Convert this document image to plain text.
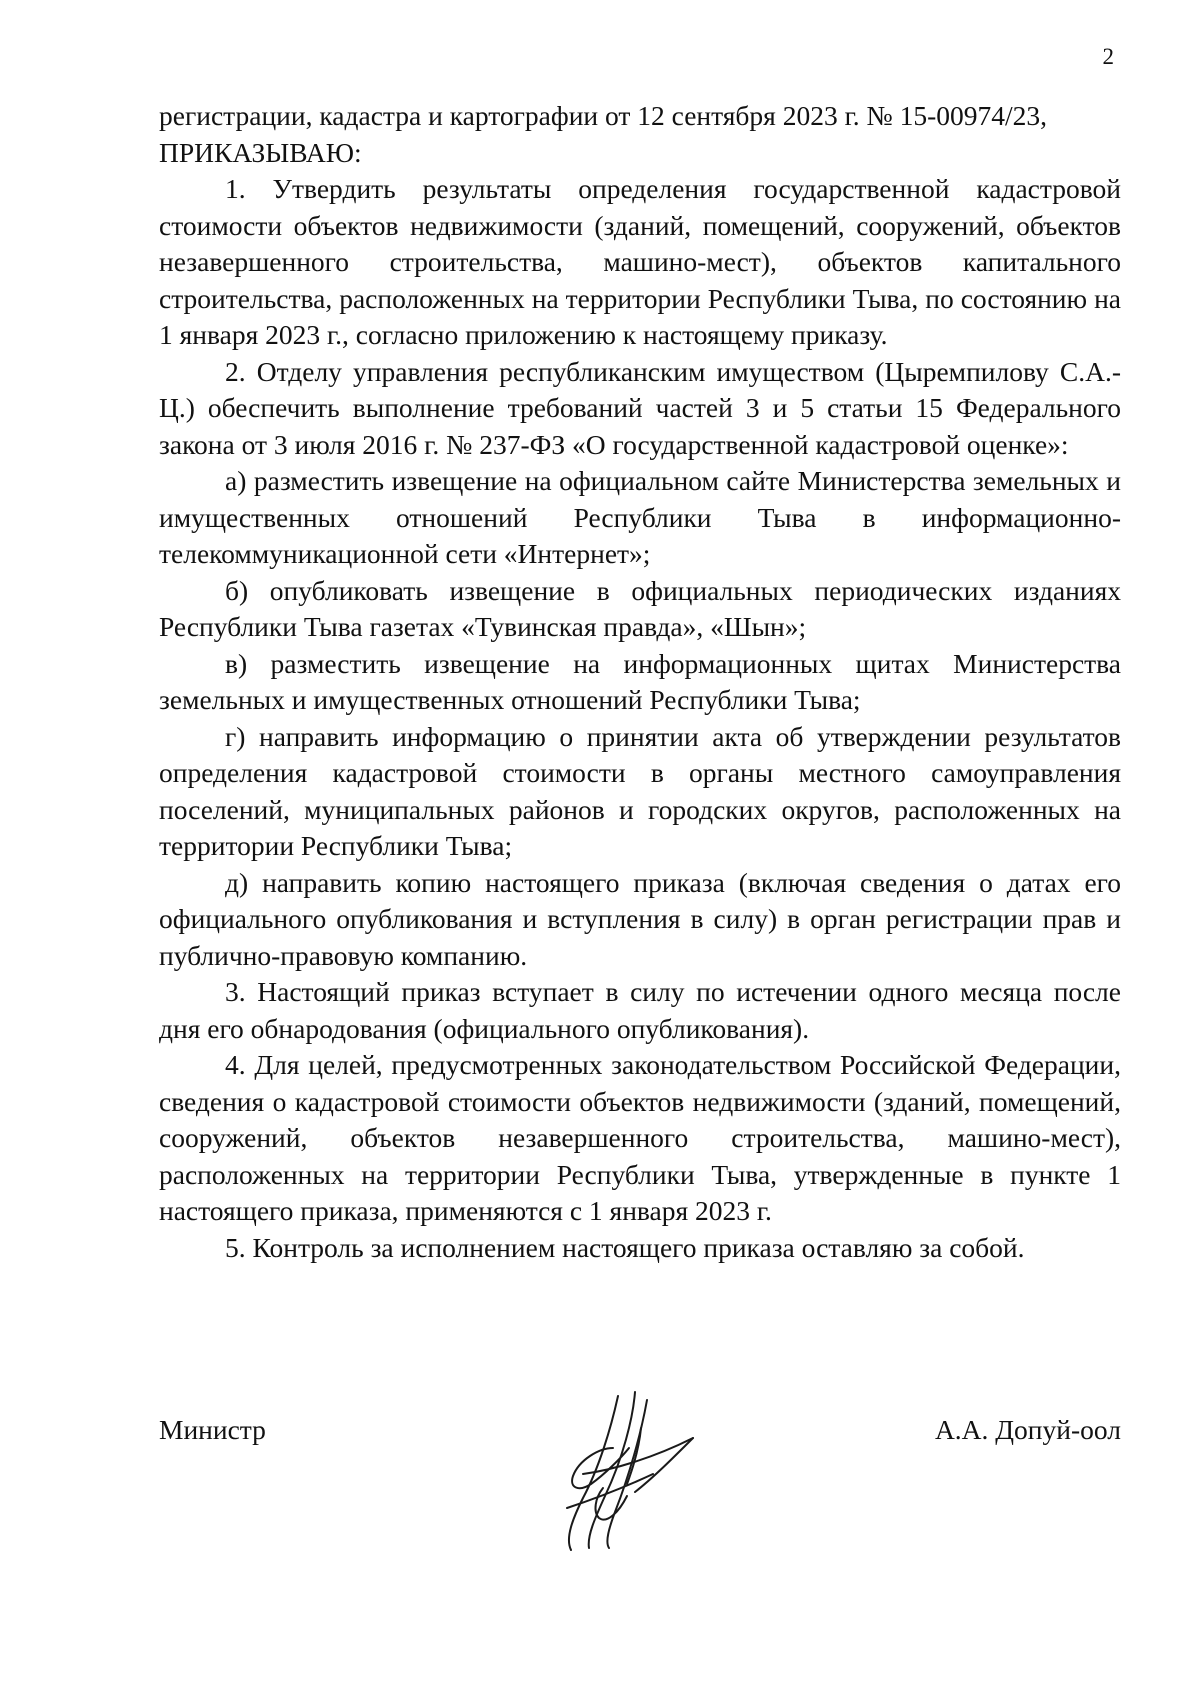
2

регистрации, кадастра и картографии от 12 сентября 2023 г. № 15-00974/23,

ПРИКАЗЫВАЮ:

1. Утвердить результаты определения государственной кадастровой стоимости объектов недвижимости (зданий, помещений, сооружений, объектов незавершенного строительства, машино-мест), объектов капитального строительства, расположенных на территории Республики Тыва, по состоянию на 1 января 2023 г., согласно приложению к настоящему приказу.

2. Отделу управления республиканским имуществом (Цыремпилову С.А.-Ц.) обеспечить выполнение требований частей 3 и 5 статьи 15 Федерального закона от 3 июля 2016 г. № 237-ФЗ «О государственной кадастровой оценке»:

а) разместить извещение на официальном сайте Министерства земельных и имущественных отношений Республики Тыва в информационно-телекоммуникационной сети «Интернет»;

б) опубликовать извещение в официальных периодических изданиях Республики Тыва газетах «Тувинская правда», «Шын»;

в) разместить извещение на информационных щитах Министерства земельных и имущественных отношений Республики Тыва;

г) направить информацию о принятии акта об утверждении результатов определения кадастровой стоимости в органы местного самоуправления поселений, муниципальных районов и городских округов, расположенных на территории Республики Тыва;

д) направить копию настоящего приказа (включая сведения о датах его официального опубликования и вступления в силу) в орган регистрации прав и публично-правовую компанию.

3. Настоящий приказ вступает в силу по истечении одного месяца после дня его обнародования (официального опубликования).

4. Для целей, предусмотренных законодательством Российской Федерации, сведения о кадастровой стоимости объектов недвижимости (зданий, помещений, сооружений, объектов незавершенного строительства, машино-мест), расположенных на территории Республики Тыва, утвержденные в пункте 1 настоящего приказа, применяются с 1 января 2023 г.

5. Контроль за исполнением настоящего приказа оставляю за собой.

Министр	А.А. Допуй-оол
